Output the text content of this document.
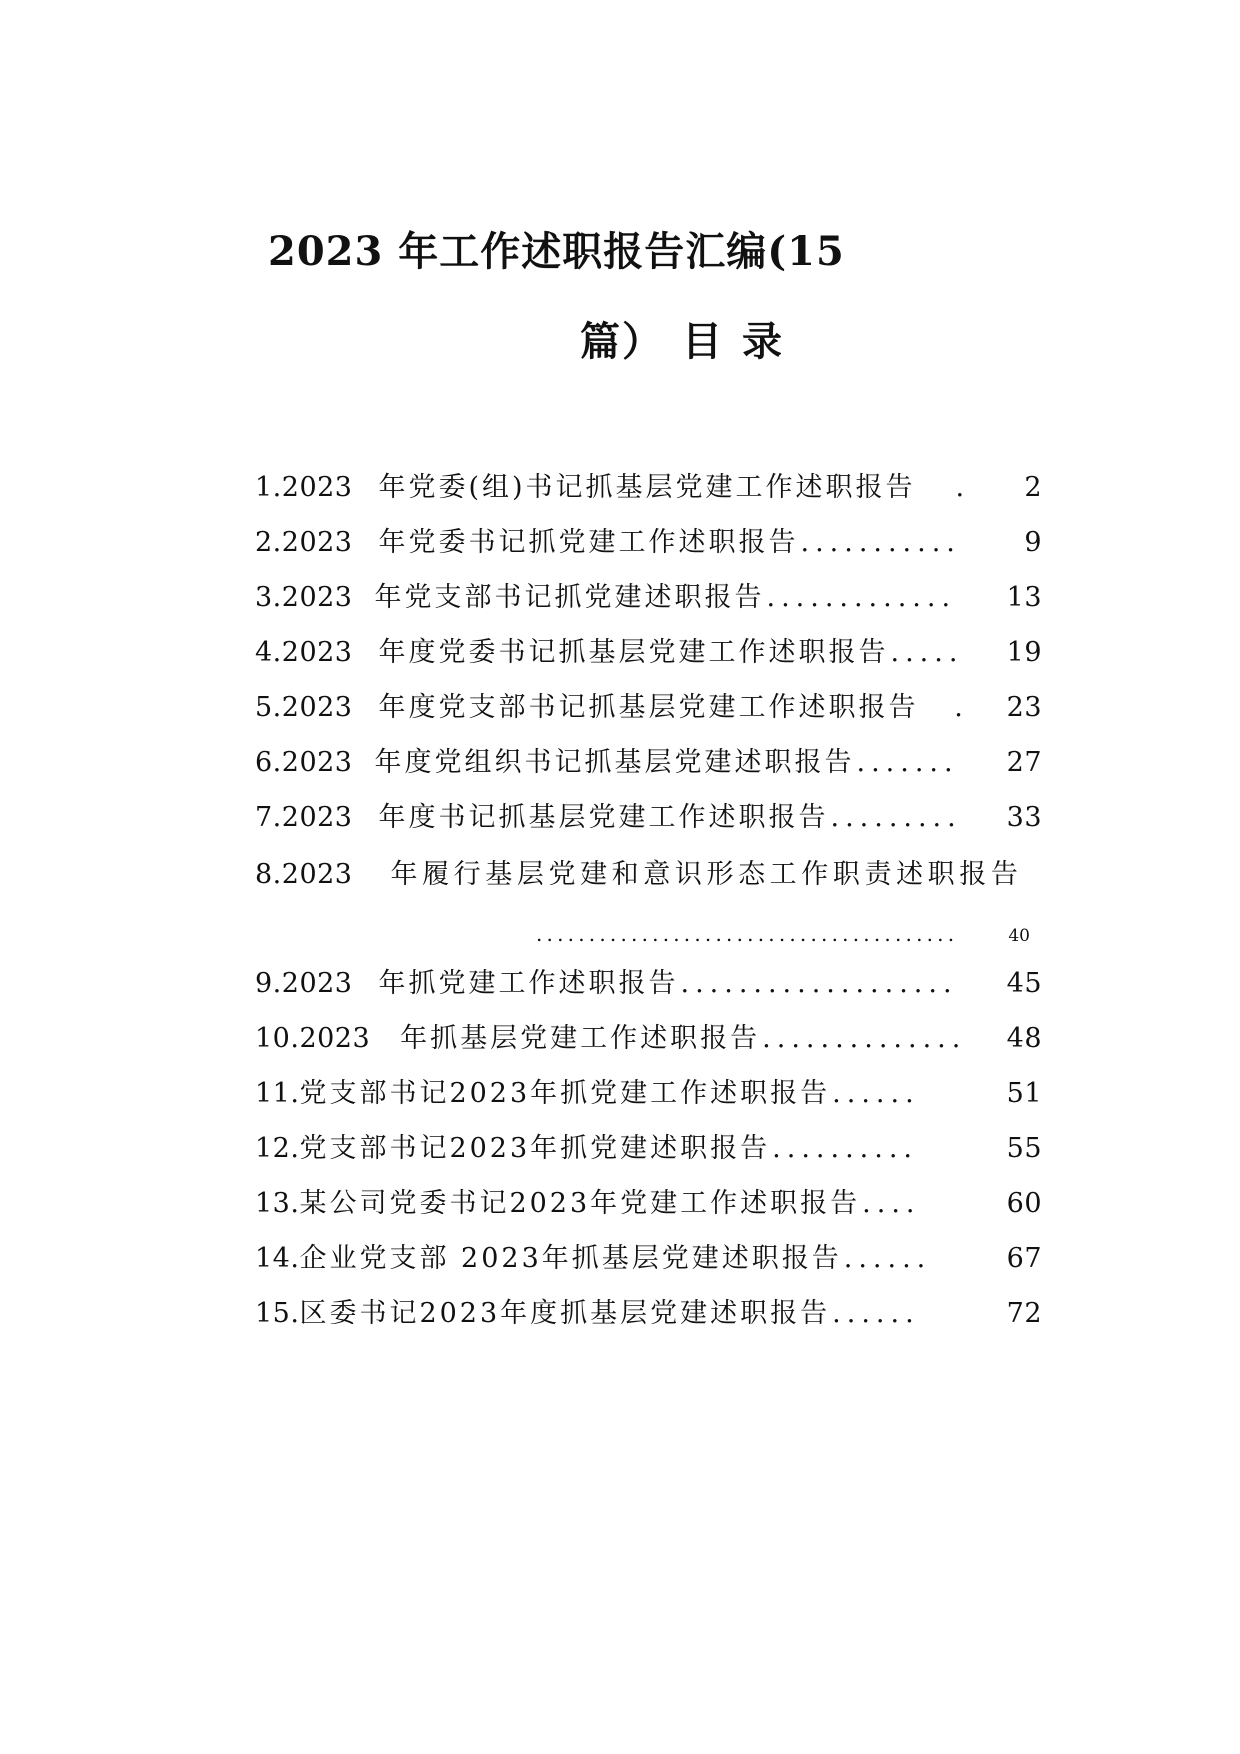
2023 年工作述职报告汇编(15
篇） 目 录
1.2023 年党委(组)书记抓基层党建工作述职报告	.	2
2.2023 年党委书记抓党建工作述职报告 ...........	9
3.2023 年党支部书记抓党建述职报告 .............	13
4.2023 年度党委书记抓基层党建工作述职报告 .....	19
5.2023 年度党支部书记抓基层党建工作述职报告	.	23
6.2023 年度党组织书记抓基层党建述职报告 .......	27
7.2023 年度书记抓基层党建工作述职报告 .........	33
8.2023 年履行基层党建和意识形态工作职责述职报告
........................................	40
9.2023 年抓党建工作述职报告 ...................	45
10.2023 年抓基层党建工作述职报告 ..............	48
11. 党支部书记2023年抓党建工作述职报告 ......	51
12. 党支部书记2023年抓党建述职报告 ..........	55
13. 某公司党委书记2023年党建工作述职报告 ....	60
14. 企业党支部 2023年抓基层党建述职报告 ......	67
15. 区委书记2023年度抓基层党建述职报告 ......	72
